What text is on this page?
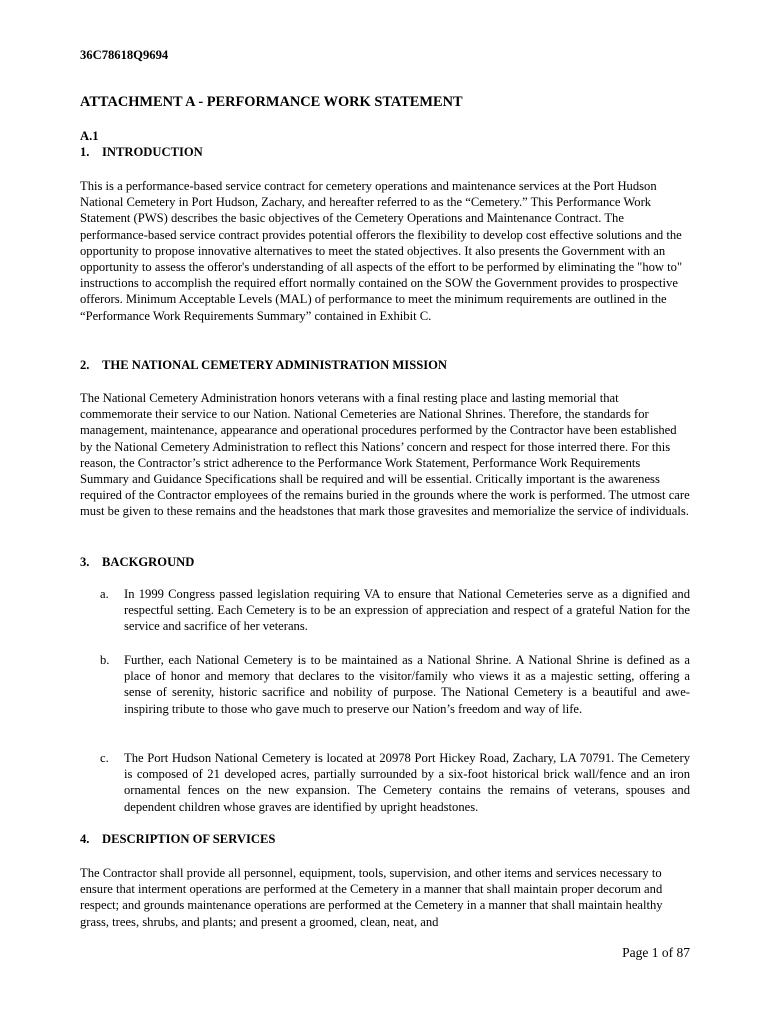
36C78618Q9694
ATTACHMENT A - PERFORMANCE WORK STATEMENT
A.1
1. INTRODUCTION

This is a performance-based service contract for cemetery operations and maintenance services at the Port Hudson National Cemetery in Port Hudson, Zachary, and hereafter referred to as the “Cemetery.” This Performance Work Statement (PWS) describes the basic objectives of the Cemetery Operations and Maintenance Contract. The performance-based service contract provides potential offerors the flexibility to develop cost effective solutions and the opportunity to propose innovative alternatives to meet the stated objectives. It also presents the Government with an opportunity to assess the offeror's understanding of all aspects of the effort to be performed by eliminating the "how to" instructions to accomplish the required effort normally contained on the SOW the Government provides to prospective offerors. Minimum Acceptable Levels (MAL) of performance to meet the minimum requirements are outlined in the “Performance Work Requirements Summary” contained in Exhibit C.

2. THE NATIONAL CEMETERY ADMINISTRATION MISSION

The National Cemetery Administration honors veterans with a final resting place and lasting memorial that commemorate their service to our Nation. National Cemeteries are National Shrines. Therefore, the standards for management, maintenance, appearance and operational procedures performed by the Contractor have been established by the National Cemetery Administration to reflect this Nations’ concern and respect for those interred there. For this reason, the Contractor’s strict adherence to the Performance Work Statement, Performance Work Requirements Summary and Guidance Specifications shall be required and will be essential. Critically important is the awareness required of the Contractor employees of the remains buried in the grounds where the work is performed. The utmost care must be given to these remains and the headstones that mark those gravesites and memorialize the service of individuals.

3. BACKGROUND
a.	In 1999 Congress passed legislation requiring VA to ensure that National Cemeteries serve as a dignified and respectful setting. Each Cemetery is to be an expression of appreciation and respect of a grateful Nation for the service and sacrifice of her veterans.
b.	Further, each National Cemetery is to be maintained as a National Shrine. A National Shrine is defined as a place of honor and memory that declares to the visitor/family who views it as a majestic setting, offering a sense of serenity, historic sacrifice and nobility of purpose. The National Cemetery is a beautiful and awe-inspiring tribute to those who gave much to preserve our Nation’s freedom and way of life.
c.	The Port Hudson National Cemetery is located at 20978 Port Hickey Road, Zachary, LA 70791. The Cemetery is composed of 21 developed acres, partially surrounded by a six-foot historical brick wall/fence and an iron ornamental fences on the new expansion. The Cemetery contains the remains of veterans, spouses and dependent children whose graves are identified by upright headstones.
4. DESCRIPTION OF SERVICES

The Contractor shall provide all personnel, equipment, tools, supervision, and other items and services necessary to ensure that interment operations are performed at the Cemetery in a manner that shall maintain proper decorum and respect; and grounds maintenance operations are performed at the Cemetery in a manner that shall maintain healthy grass, trees, shrubs, and plants; and present a groomed, clean, neat, and

Page 1 of 87
